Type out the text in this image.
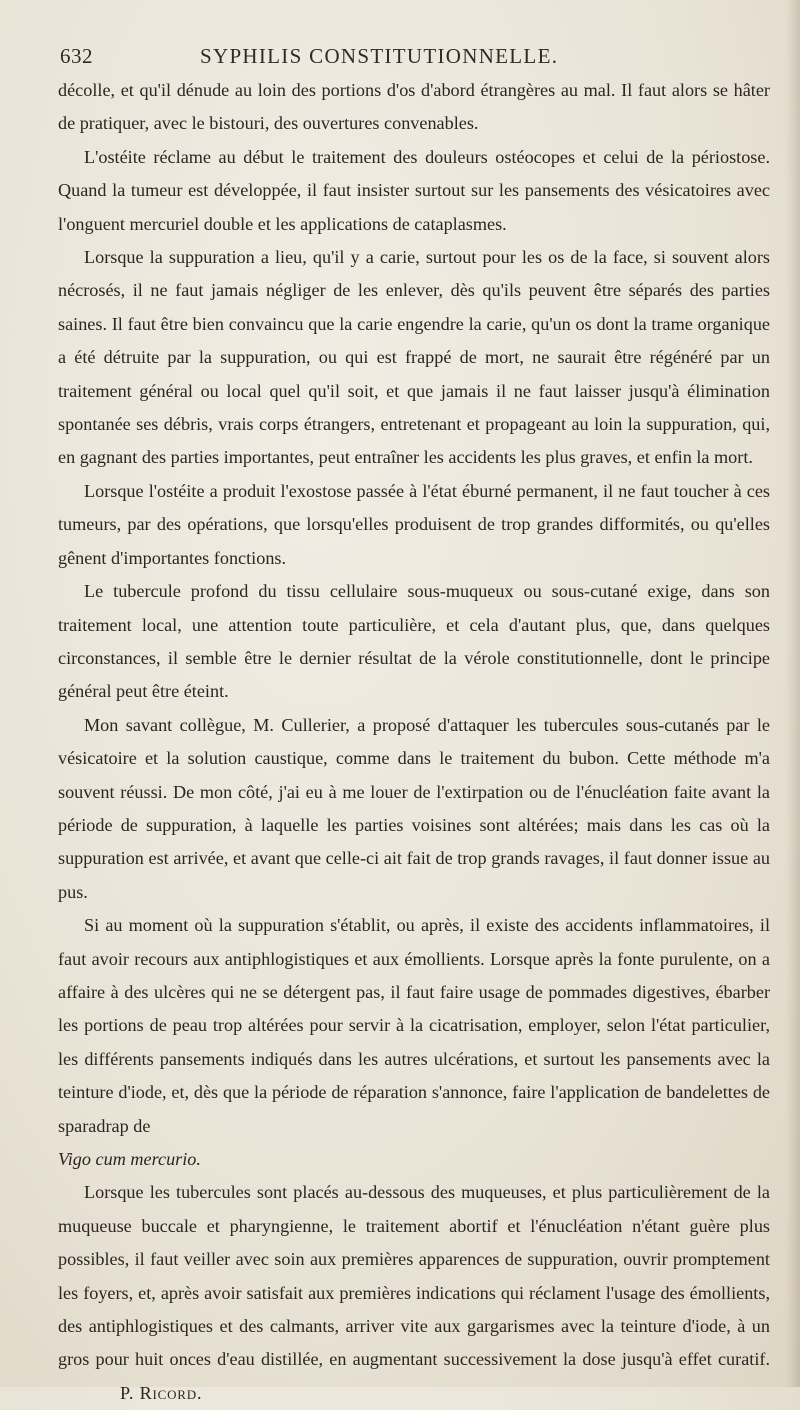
632	SYPHILIS CONSTITUTIONNELLE.

décolle, et qu'il dénude au loin des portions d'os d'abord étrangères au mal. Il faut alors se hâter de pratiquer, avec le bistouri, des ouvertures convenables.

L'ostéite réclame au début le traitement des douleurs ostéocopes et celui de la périostose. Quand la tumeur est développée, il faut insister surtout sur les pansements des vésicatoires avec l'onguent mercuriel double et les applications de cataplasmes.

Lorsque la suppuration a lieu, qu'il y a carie, surtout pour les os de la face, si souvent alors nécrosés, il ne faut jamais négliger de les enlever, dès qu'ils peuvent être séparés des parties saines. Il faut être bien convaincu que la carie engendre la carie, qu'un os dont la trame organique a été détruite par la suppuration, ou qui est frappé de mort, ne saurait être régénéré par un traitement général ou local quel qu'il soit, et que jamais il ne faut laisser jusqu'à élimination spontanée ses débris, vrais corps étrangers, entretenant et propageant au loin la suppuration, qui, en gagnant des parties importantes, peut entraîner les accidents les plus graves, et enfin la mort.

Lorsque l'ostéite a produit l'exostose passée à l'état éburné permanent, il ne faut toucher à ces tumeurs, par des opérations, que lorsqu'elles produisent de trop grandes difformités, ou qu'elles gênent d'importantes fonctions.

Le tubercule profond du tissu cellulaire sous-muqueux ou sous-cutané exige, dans son traitement local, une attention toute particulière, et cela d'autant plus, que, dans quelques circonstances, il semble être le dernier résultat de la vérole constitutionnelle, dont le principe général peut être éteint.

Mon savant collègue, M. Cullerier, a proposé d'attaquer les tubercules sous-cutanés par le vésicatoire et la solution caustique, comme dans le traitement du bubon. Cette méthode m'a souvent réussi. De mon côté, j'ai eu à me louer de l'extirpation ou de l'énucléation faite avant la période de suppuration, à laquelle les parties voisines sont altérées; mais dans les cas où la suppuration est arrivée, et avant que celle-ci ait fait de trop grands ravages, il faut donner issue au pus.

Si au moment où la suppuration s'établit, ou après, il existe des accidents inflammatoires, il faut avoir recours aux antiphlogistiques et aux émollients. Lorsque après la fonte purulente, on a affaire à des ulcères qui ne se détergent pas, il faut faire usage de pommades digestives, ébarber les portions de peau trop altérées pour servir à la cicatrisation, employer, selon l'état particulier, les différents pansements indiqués dans les autres ulcérations, et surtout les pansements avec la teinture d'iode, et, dès que la période de réparation s'annonce, faire l'application de bandelettes de sparadrap de

Vigo cum mercurio.

Lorsque les tubercules sont placés au-dessous des muqueuses, et plus particulièrement de la muqueuse buccale et pharyngienne, le traitement abortif et l'énucléation n'étant guère plus possibles, il faut veiller avec soin aux premières apparences de suppuration, ouvrir promptement les foyers, et, après avoir satisfait aux premières indications qui réclament l'usage des émollients, des antiphlogistiques et des calmants, arriver vite aux gargarismes avec la teinture d'iode, à un gros pour huit onces d'eau distillée, en augmentant successivement la dose jusqu'à effet curatif.P. Ricord.
